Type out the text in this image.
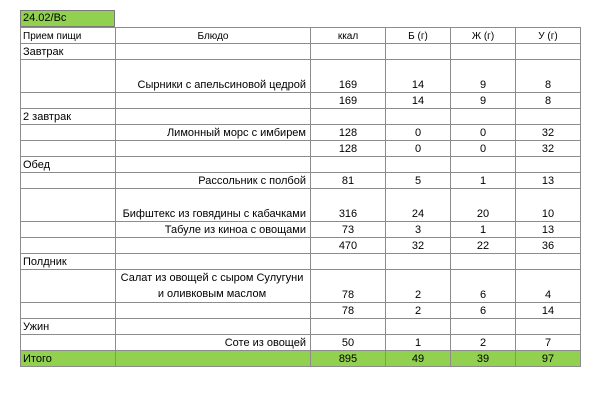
24.02/Вс
Прием пищи	Блюдо	ккал	Б (г)	Ж (г)	У (г)
Завтрак					
	Сырники с апельсиновой цедрой	169	14	9	8
		169	14	9	8
2 завтрак					
	Лимонный морс с имбирем	128	0	0	32
		128	0	0	32
Обед					
	Рассольник с полбой	81	5	1	13
	Бифштекс из говядины с кабачками	316	24	20	10
	Табуле из киноа с овощами	73	3	1	13
		470	32	22	36
Полдник					
	Салат из овощей с сыром Сулугуни и оливковым маслом	78	2	6	4
		78	2	6	14
Ужин					
	Соте из овощей	50	1	2	7
Итого		895	49	39	97
